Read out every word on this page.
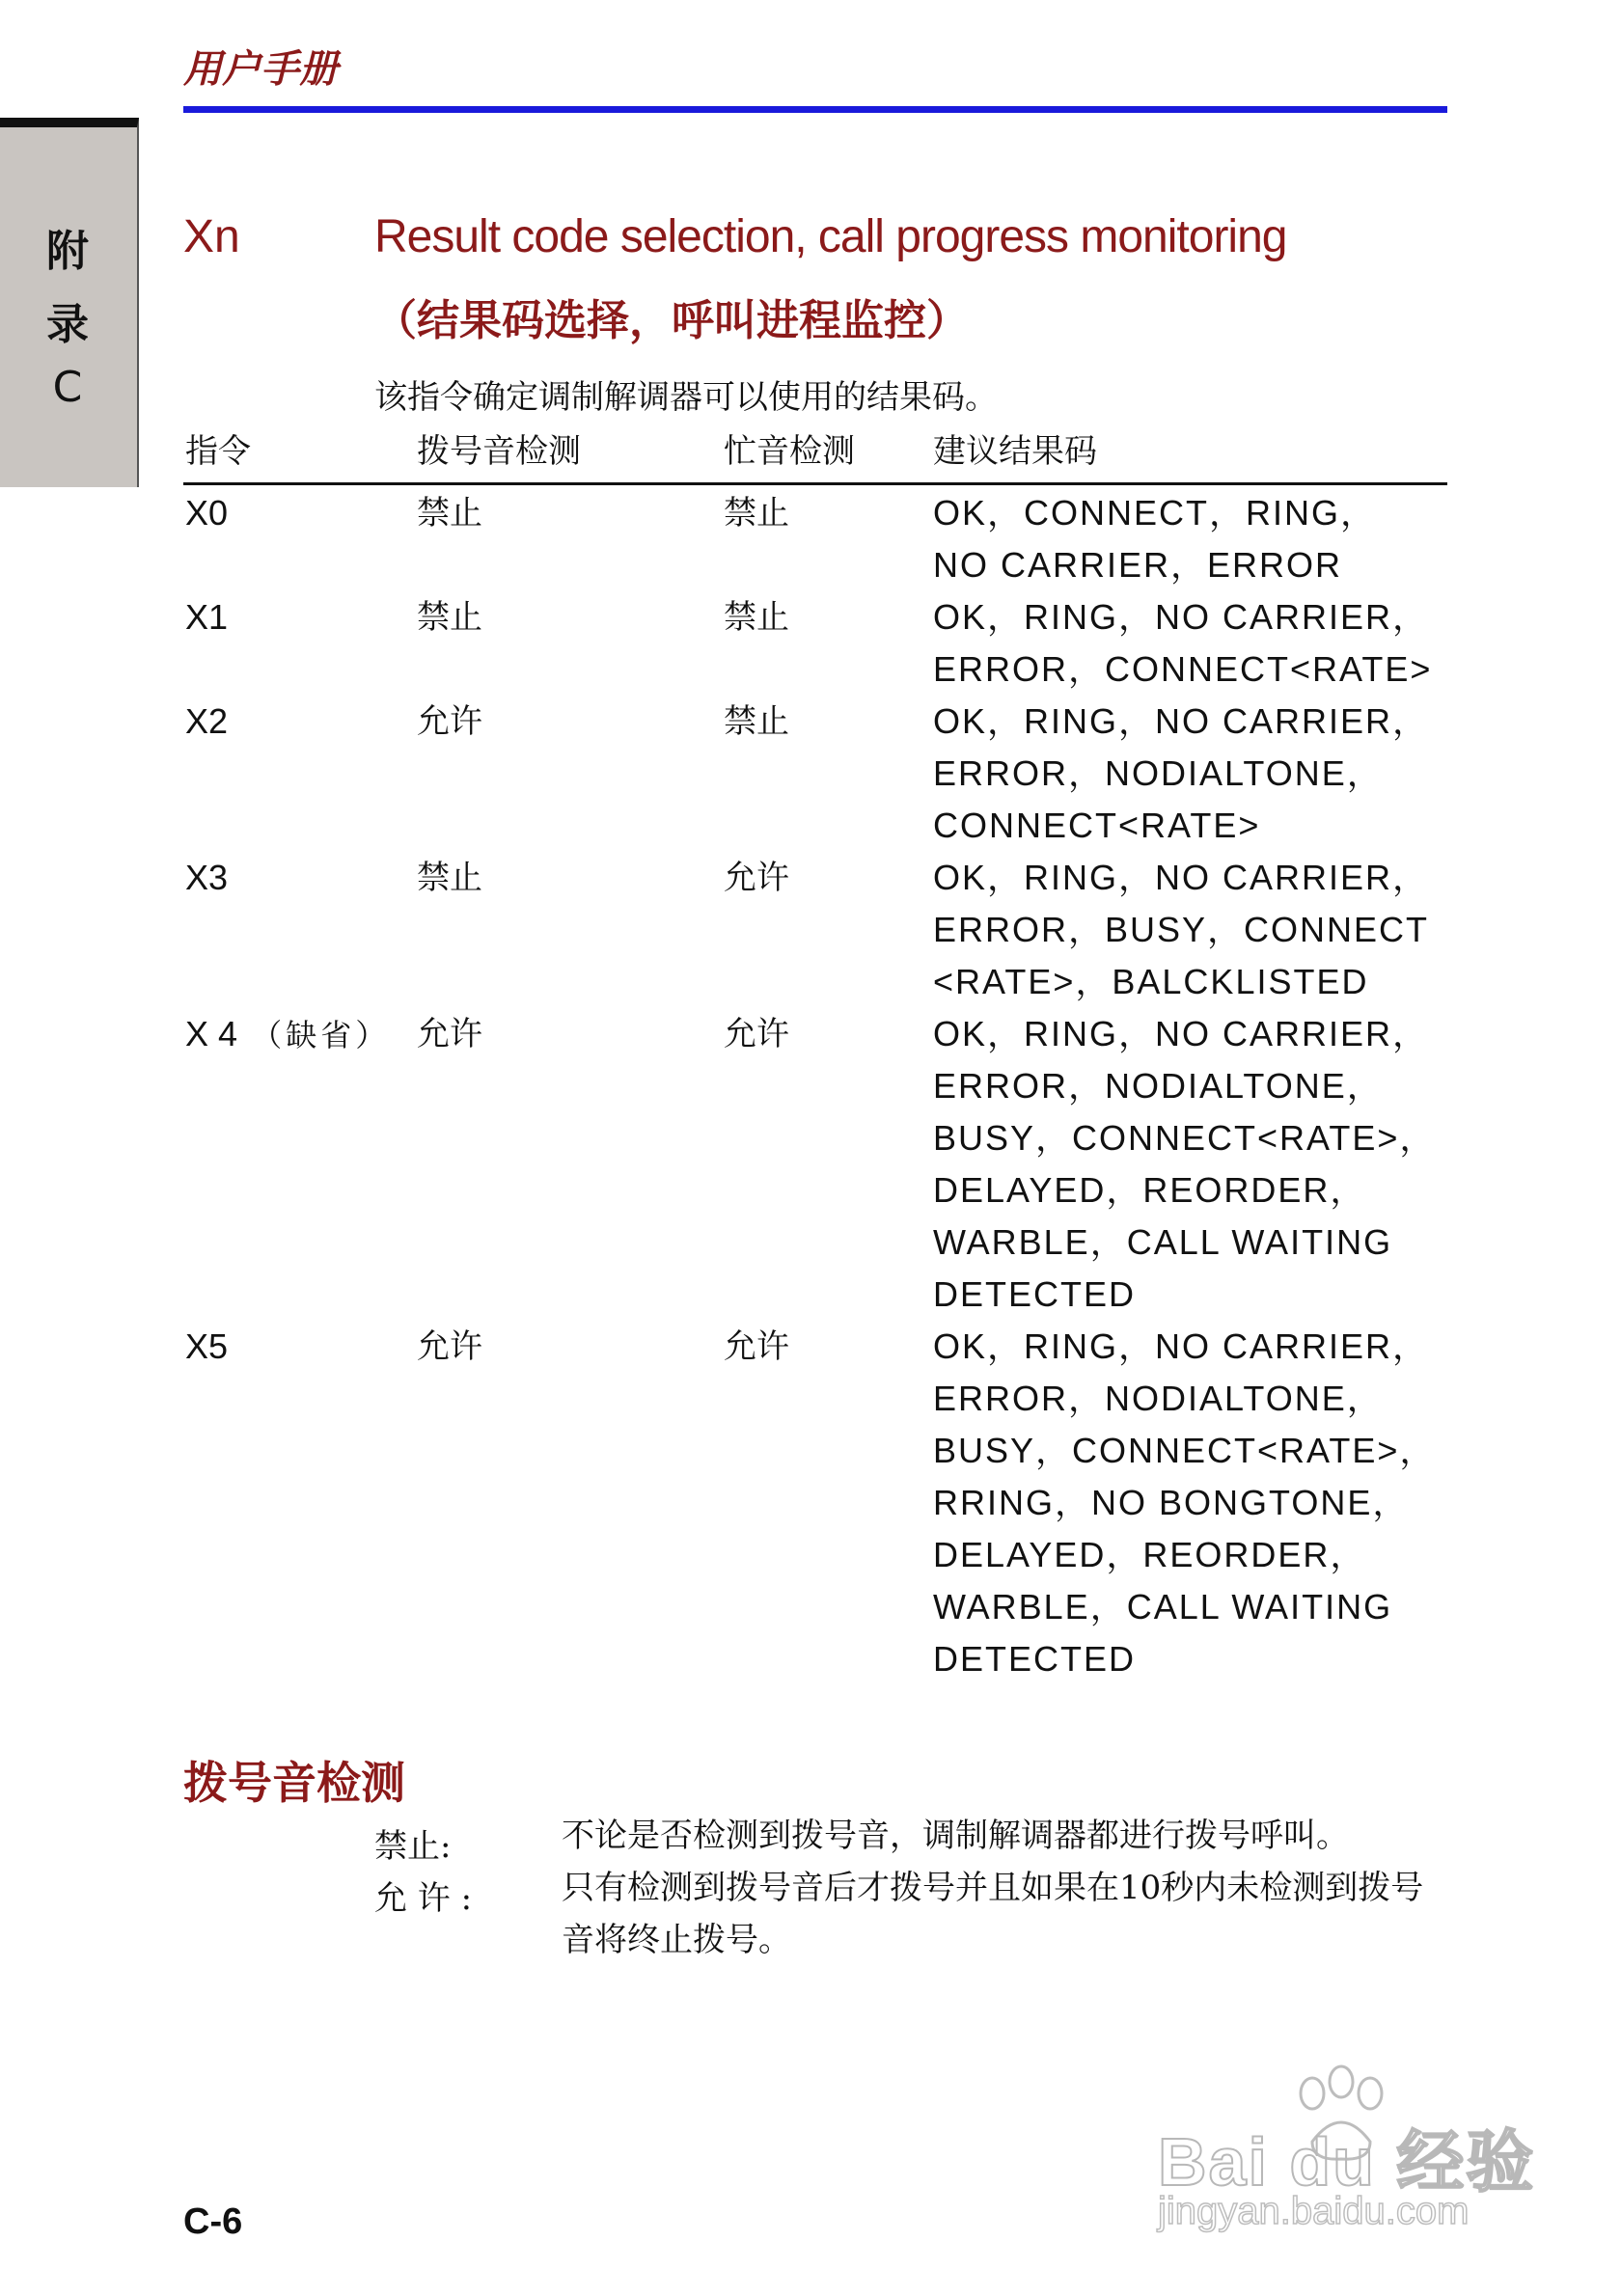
用户手册
附
录
C
Xn	Result code selection, call progress monitoring
（结果码选择，呼叫进程监控）
该指令确定调制解调器可以使用的结果码。
指令	拨号音检测	忙音检测 建议结果码
X0	禁止	禁止	OK，CONNECT，RING，
NO CARRIER，ERROR
X1	禁止	禁止	OK，RING，NO CARRIER，
ERROR，CONNECT<RATE>
X2	允许	禁止	OK，RING，NO CARRIER，
ERROR，NODIALTONE，
CONNECT<RATE>
X3	禁止	允许	OK，RING，NO CARRIER，
ERROR，BUSY，CONNECT
<RATE>，BALCKLISTED
X 4 （缺省） 允许	允许	OK，RING，NO CARRIER，
ERROR，NODIALTONE，
BUSY，CONNECT<RATE>，
DELAYED，REORDER，
WARBLE，CALL WAITING
DETECTED
X5	允许	允许	OK，RING，NO CARRIER，
ERROR，NODIALTONE，
BUSY，CONNECT<RATE>，
RRING，NO BONGTONE，
DELAYED，REORDER，
WARBLE，CALL WAITING
DETECTED
拨号音检测
禁止:	不论是否检测到拨号音，调制解调器都进行拨号呼叫。
允 许 :	只有检测到拨号音后才拨号并且如果在10秒内未检测到拨号音将终止拨号。
C-6
Bai du 经验
jingyan.baidu.com
